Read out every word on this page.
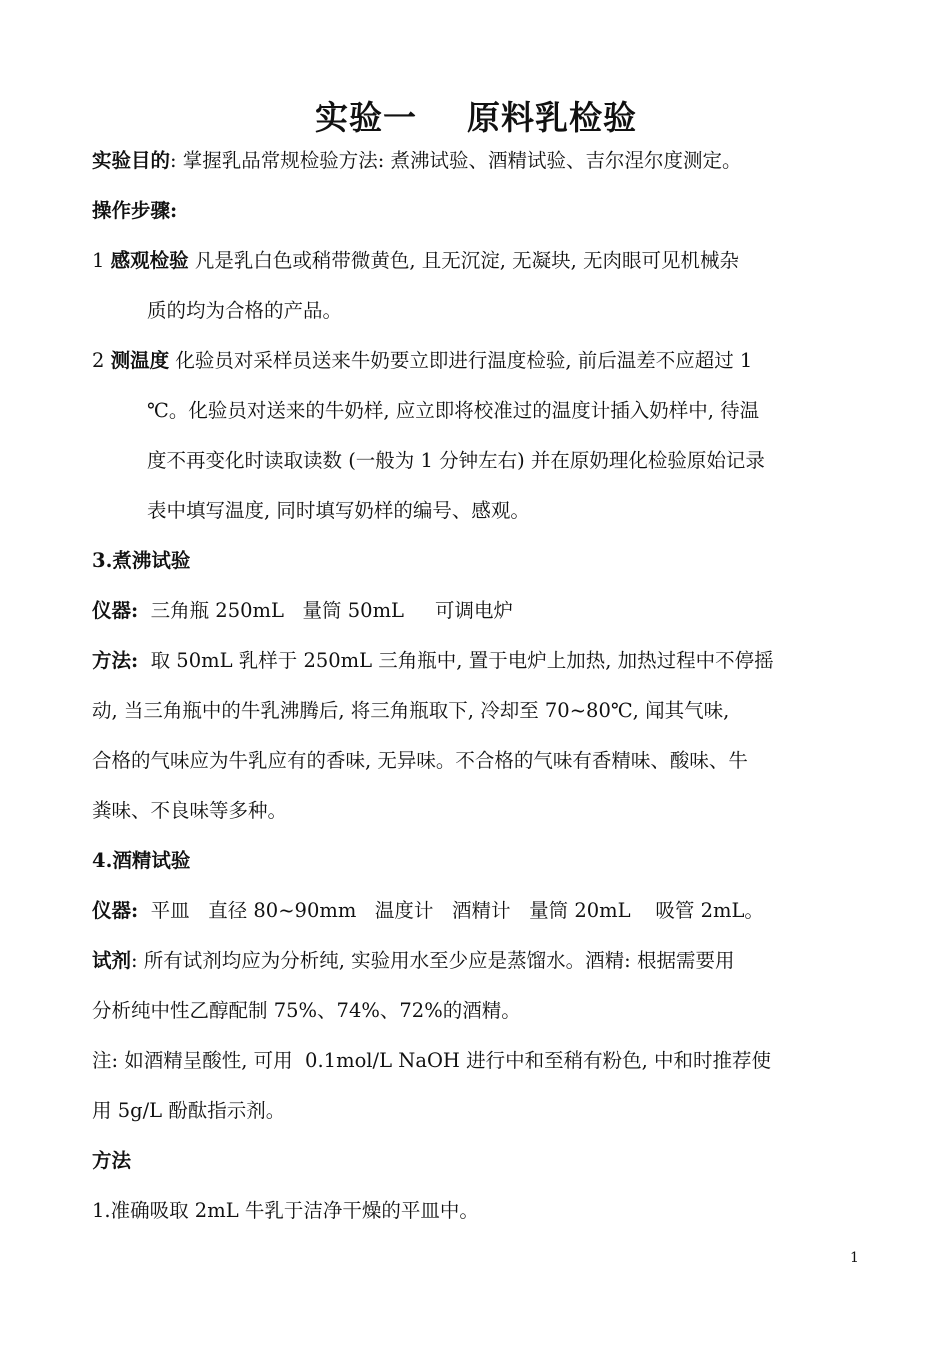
实验一    原料乳检验
实验目的: 掌握乳品常规检验方法: 煮沸试验、酒精试验、吉尔涅尔度测定。
操作步骤:
1 感观检验 凡是乳白色或稍带微黄色, 且无沉淀, 无凝块, 无肉眼可见机械杂
质的均为合格的产品。
2 测温度 化验员对采样员送来牛奶要立即进行温度检验, 前后温差不应超过 1
℃。化验员对送来的牛奶样, 应立即将校准过的温度计插入奶样中, 待温
度不再变化时读取读数 (一般为 1 分钟左右) 并在原奶理化检验原始记录
表中填写温度, 同时填写奶样的编号、感观。
3.煮沸试验
仪器:  三角瓶 250mL   量筒 50mL     可调电炉
方法:  取 50mL 乳样于 250mL 三角瓶中, 置于电炉上加热, 加热过程中不停摇
动, 当三角瓶中的牛乳沸腾后, 将三角瓶取下, 冷却至 70~80℃, 闻其气味,
合格的气味应为牛乳应有的香味, 无异味。不合格的气味有香精味、酸味、牛
粪味、不良味等多种。
4.酒精试验
仪器:  平皿   直径 80~90mm   温度计   酒精计   量筒 20mL    吸管 2mL。
试剂: 所有试剂均应为分析纯, 实验用水至少应是蒸馏水。酒精: 根据需要用
分析纯中性乙醇配制 75%、74%、72%的酒精。
注: 如酒精呈酸性, 可用  0.1mol/L NaOH 进行中和至稍有粉色, 中和时推荐使
用 5g/L 酚酞指示剂。
方法
1.准确吸取 2mL 牛乳于洁净干燥的平皿中。
1
